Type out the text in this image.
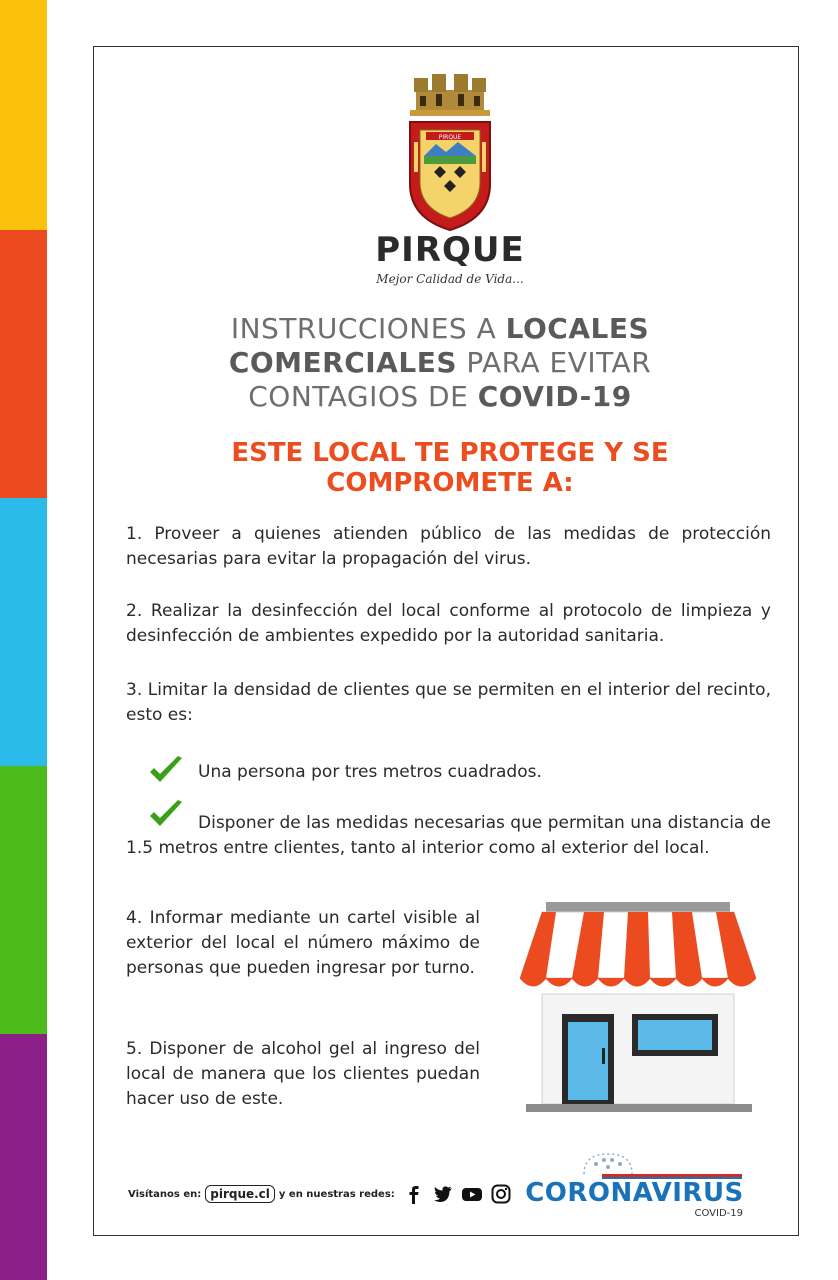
PIRQUE
PIRQUE
Mejor Calidad de Vida...
INSTRUCCIONES A LOCALES
COMERCIALES PARA EVITAR
CONTAGIOS DE COVID-19
ESTE LOCAL TE PROTEGE Y SE
COMPROMETE A:
1. Proveer a quienes atienden público de las medidas de protección necesarias para evitar la propagación del virus.
2. Realizar la desinfección del local conforme al protocolo de limpieza y desinfección de ambientes expedido por la autoridad sanitaria.
3. Limitar la densidad de clientes que se permiten en el interior del recinto, esto es:
Una persona por tres metros cuadrados.
Disponer de las medidas necesarias que permitan una distancia de 1.5 metros entre clientes, tanto al interior como al exterior del local.
4. Informar mediante un cartel visible al exterior del local el número máximo de personas que pueden ingresar por turno.
5. Disponer de alcohol gel al ingreso del local de manera que los clientes puedan hacer uso de este.
Visítanos en: pirque.cl y en nuestras redes:	CORONAVIRUS
COVID-19
